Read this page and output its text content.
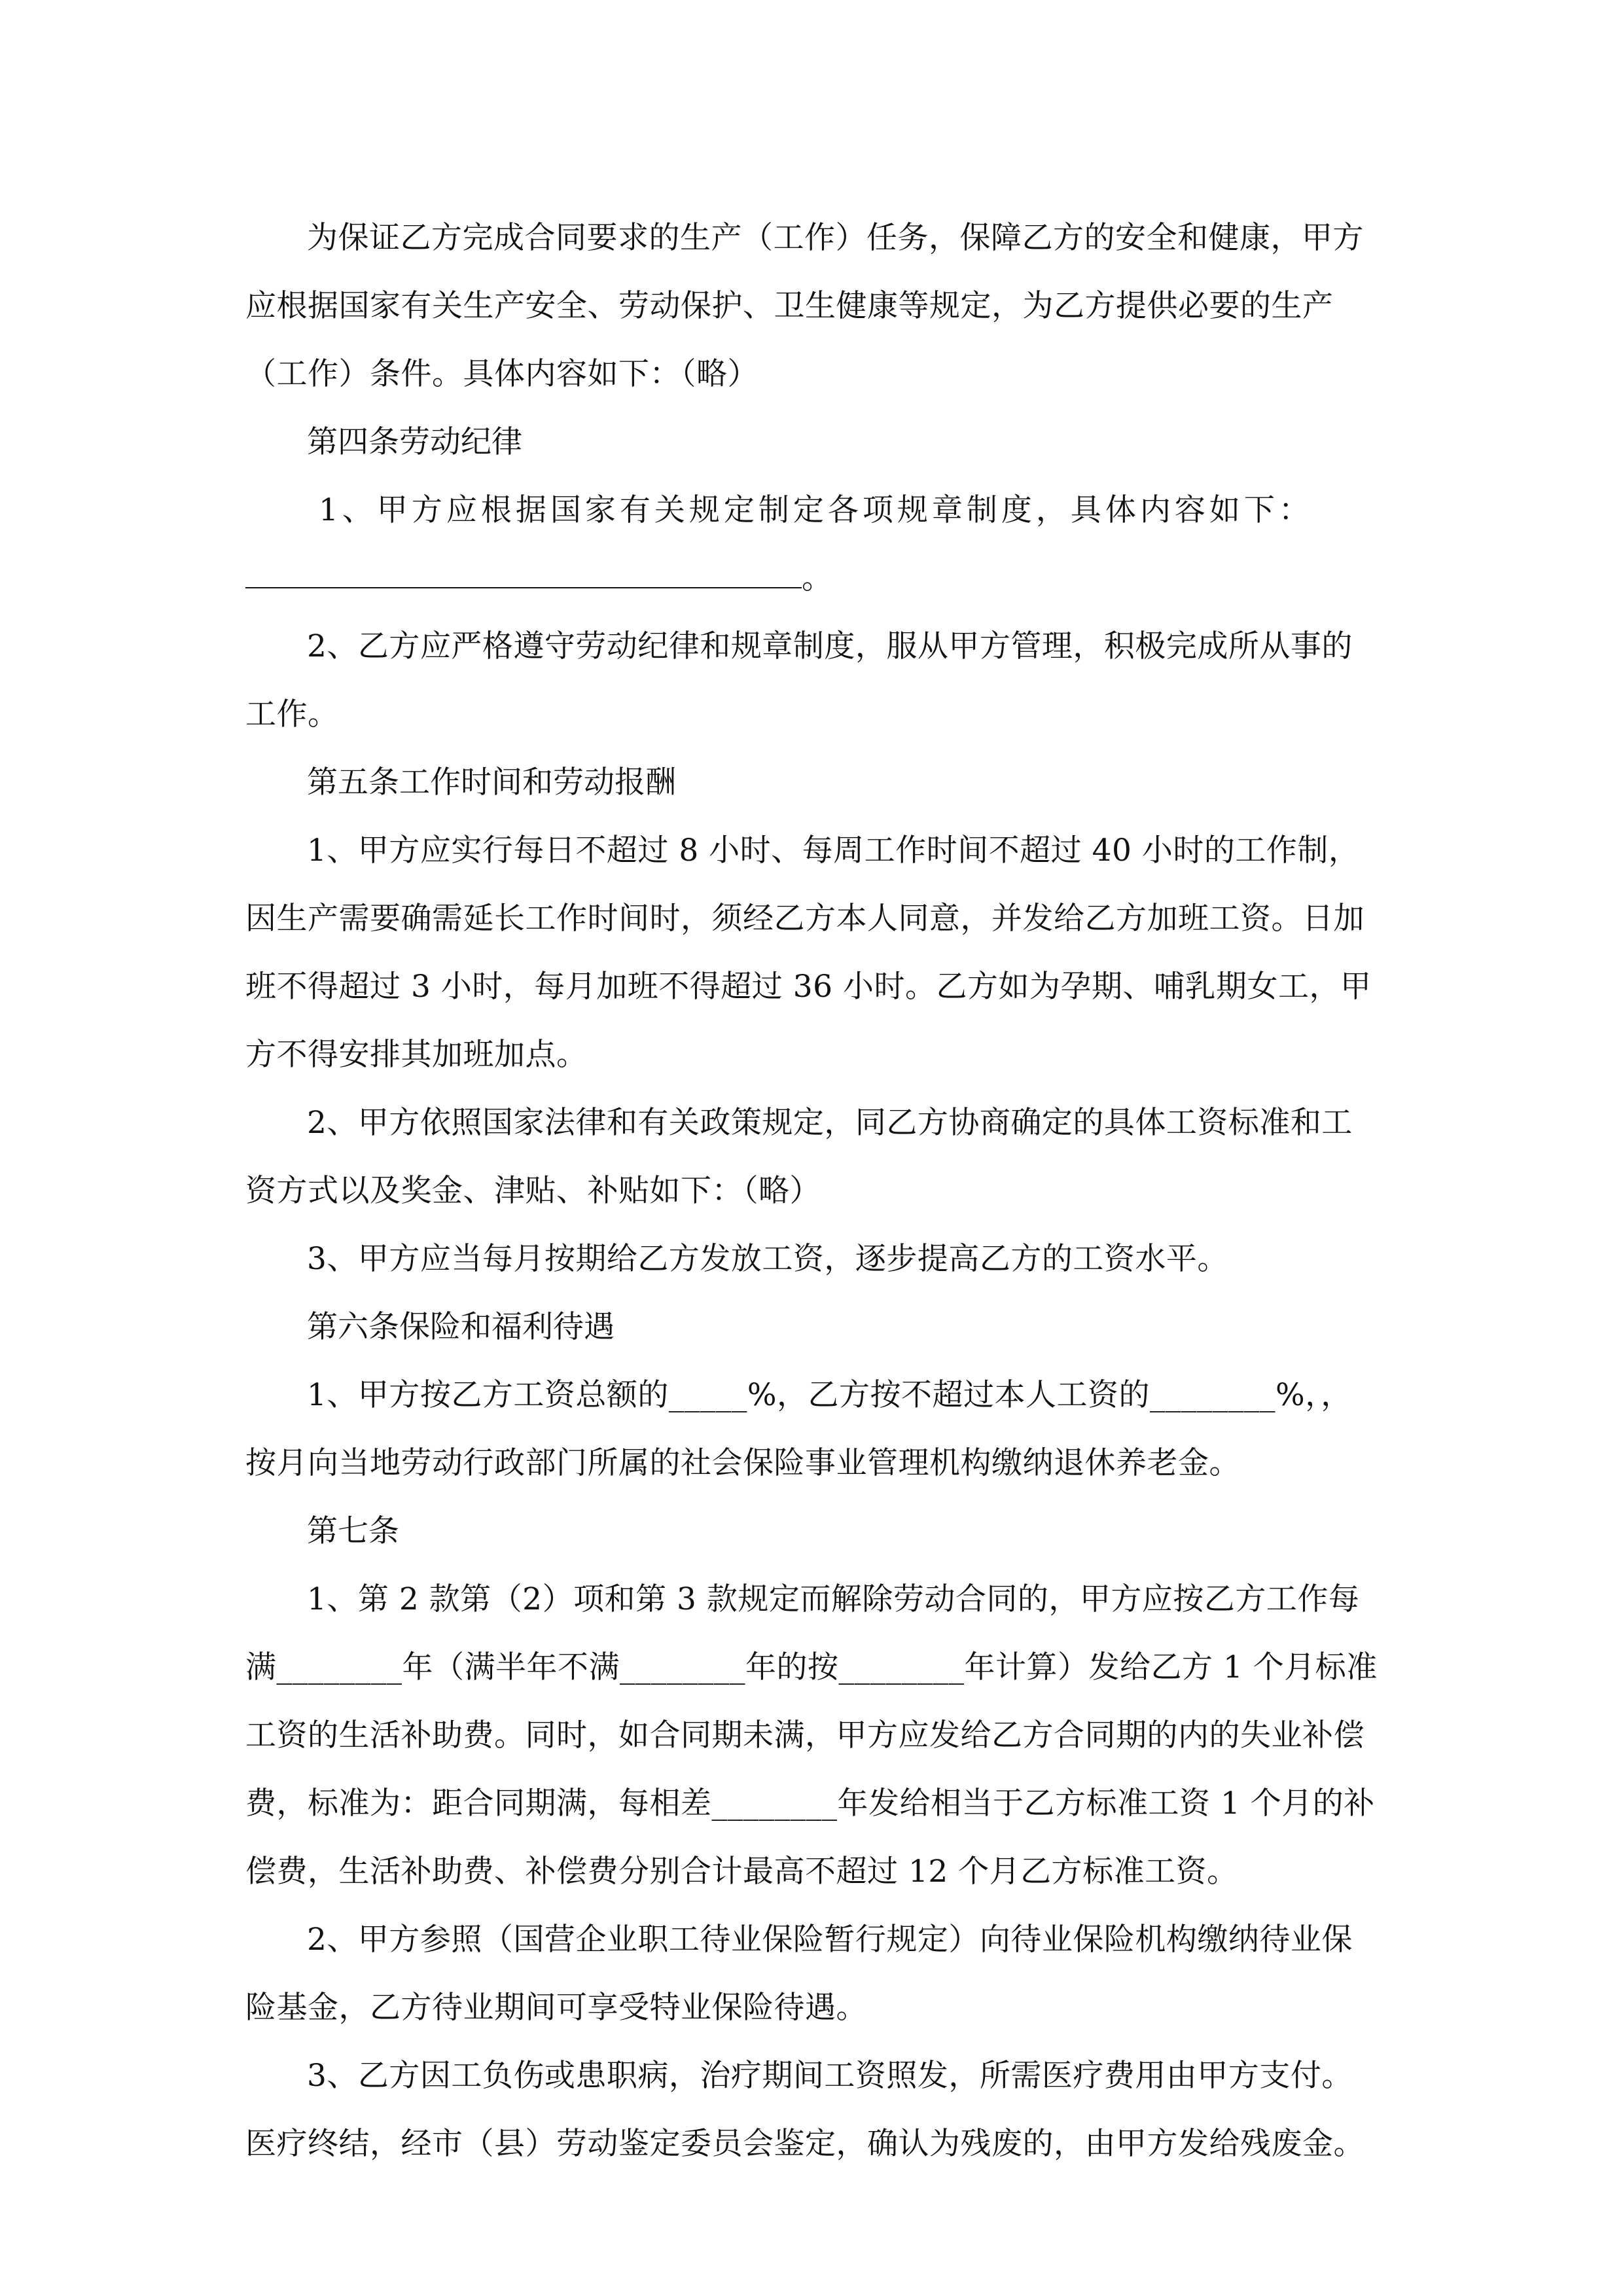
为保证乙方完成合同要求的生产（工作）任务，保障乙方的安全和健康，甲方应根据国家有关生产安全、劳动保护、卫生健康等规定，为乙方提供必要的生产（工作）条件。具体内容如下：（略）

第四条劳动纪律

1、甲方应根据国家有关规定制定各项规章制度，具体内容如下：

。

2、乙方应严格遵守劳动纪律和规章制度，服从甲方管理，积极完成所从事的工作。

第五条工作时间和劳动报酬

1、甲方应实行每日不超过 8 小时、每周工作时间不超过 40 小时的工作制，因生产需要确需延长工作时间时，须经乙方本人同意，并发给乙方加班工资。日加班不得超过 3 小时，每月加班不得超过 36 小时。乙方如为孕期、哺乳期女工，甲方不得安排其加班加点。

2、甲方依照国家法律和有关政策规定，同乙方协商确定的具体工资标准和工资方式以及奖金、津贴、补贴如下：（略）

3、甲方应当每月按期给乙方发放工资，逐步提高乙方的工资水平。

第六条保险和福利待遇

1、甲方按乙方工资总额的_____%，乙方按不超过本人工资的________%，，按月向当地劳动行政部门所属的社会保险事业管理机构缴纳退休养老金。

第七条

1、第 2 款第（2）项和第 3 款规定而解除劳动合同的，甲方应按乙方工作每满________年（满半年不满________年的按________年计算）发给乙方 1 个月标准工资的生活补助费。同时，如合同期未满，甲方应发给乙方合同期的内的失业补偿费，标准为：距合同期满，每相差________年发给相当于乙方标准工资 1 个月的补偿费，生活补助费、补偿费分别合计最高不超过 12 个月乙方标准工资。

2、甲方参照（国营企业职工待业保险暂行规定）向待业保险机构缴纳待业保险基金，乙方待业期间可享受特业保险待遇。

3、乙方因工负伤或患职病，治疗期间工资照发，所需医疗费用由甲方支付。医疗终结，经市（县）劳动鉴定委员会鉴定，确认为残废的，由甲方发给残废金。
